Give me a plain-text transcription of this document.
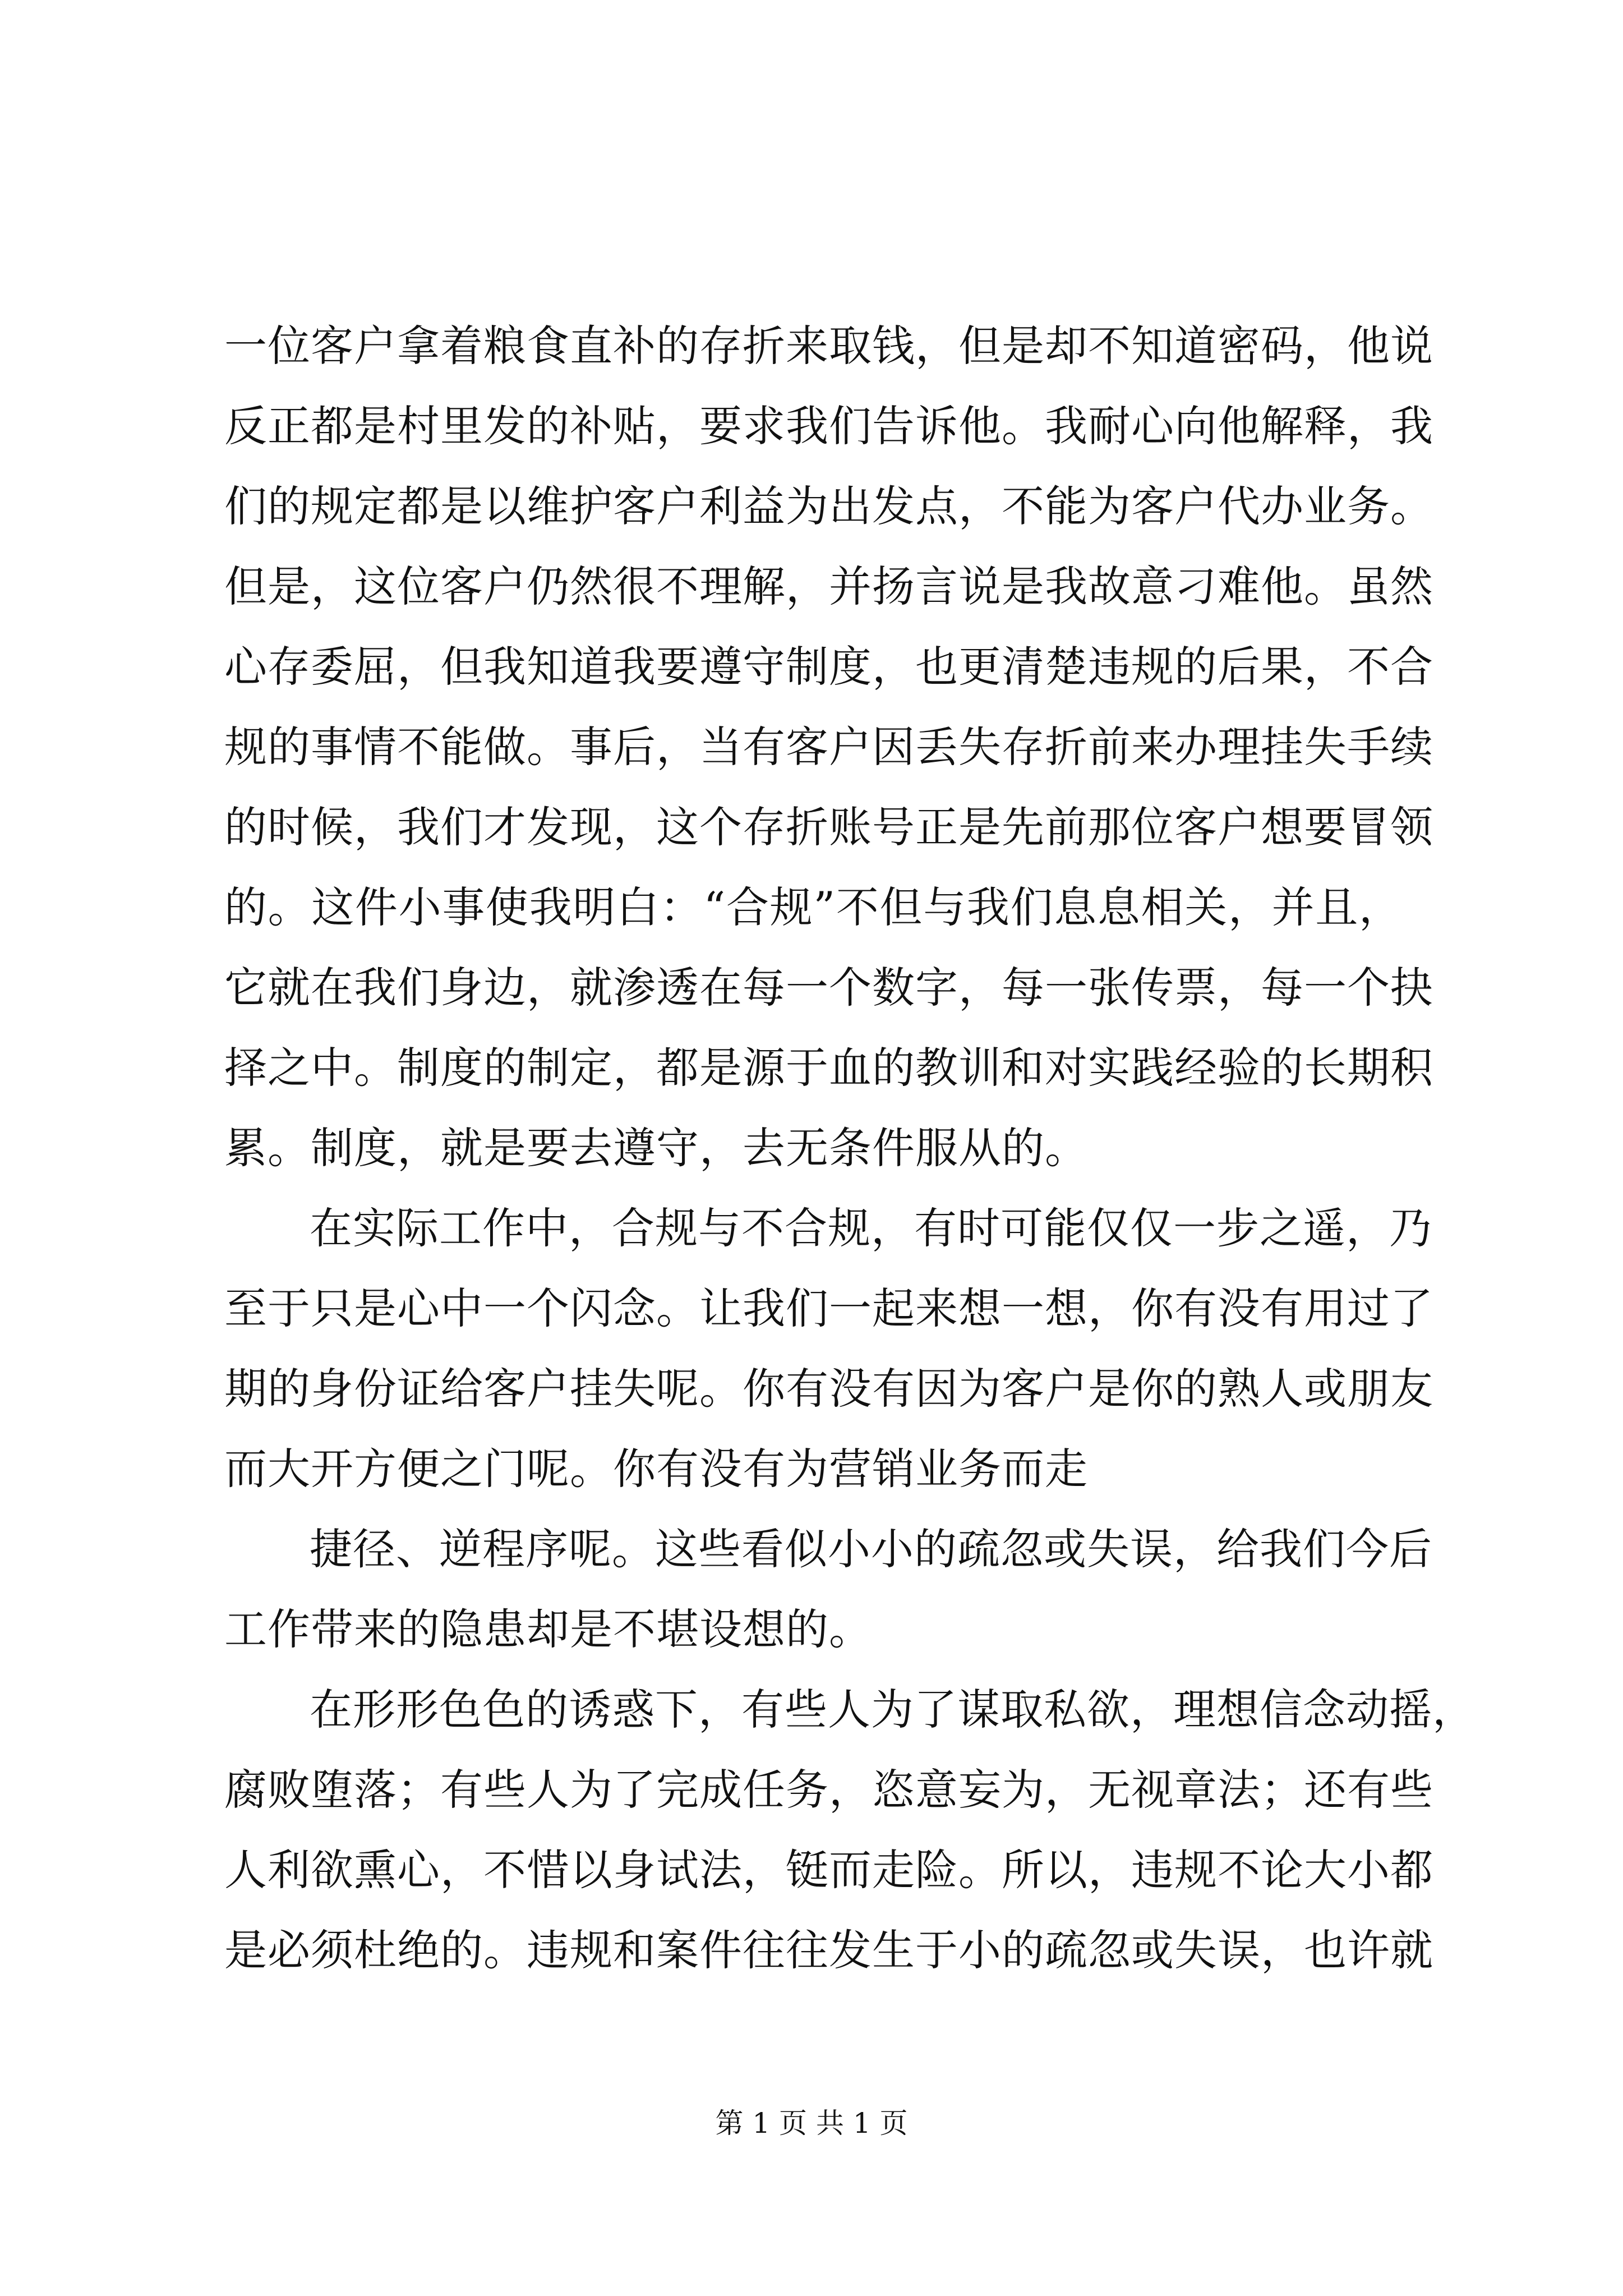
一位客户拿着粮食直补的存折来取钱，但是却不知道密码，他说
反正都是村里发的补贴，要求我们告诉他。我耐心向他解释，我
们的规定都是以维护客户利益为出发点，不能为客户代办业务。
但是，这位客户仍然很不理解，并扬言说是我故意刁难他。虽然
心存委屈，但我知道我要遵守制度，也更清楚违规的后果，不合
规的事情不能做。事后，当有客户因丢失存折前来办理挂失手续
的时候，我们才发现，这个存折账号正是先前那位客户想要冒领
的。这件小事使我明白：“合规”不但与我们息息相关，并且，
它就在我们身边，就渗透在每一个数字，每一张传票，每一个抉
择之中。制度的制定，都是源于血的教训和对实践经验的长期积
累。制度，就是要去遵守，去无条件服从的。
在实际工作中，合规与不合规，有时可能仅仅一步之遥，乃
至于只是心中一个闪念。让我们一起来想一想，你有没有用过了
期的身份证给客户挂失呢。你有没有因为客户是你的熟人或朋友
而大开方便之门呢。你有没有为营销业务而走
捷径、逆程序呢。这些看似小小的疏忽或失误，给我们今后
工作带来的隐患却是不堪设想的。
在形形色色的诱惑下，有些人为了谋取私欲，理想信念动摇，
腐败堕落；有些人为了完成任务，恣意妄为，无视章法；还有些
人利欲熏心，不惜以身试法，铤而走险。所以，违规不论大小都
是必须杜绝的。违规和案件往往发生于小的疏忽或失误，也许就
第 1 页 共 1 页
